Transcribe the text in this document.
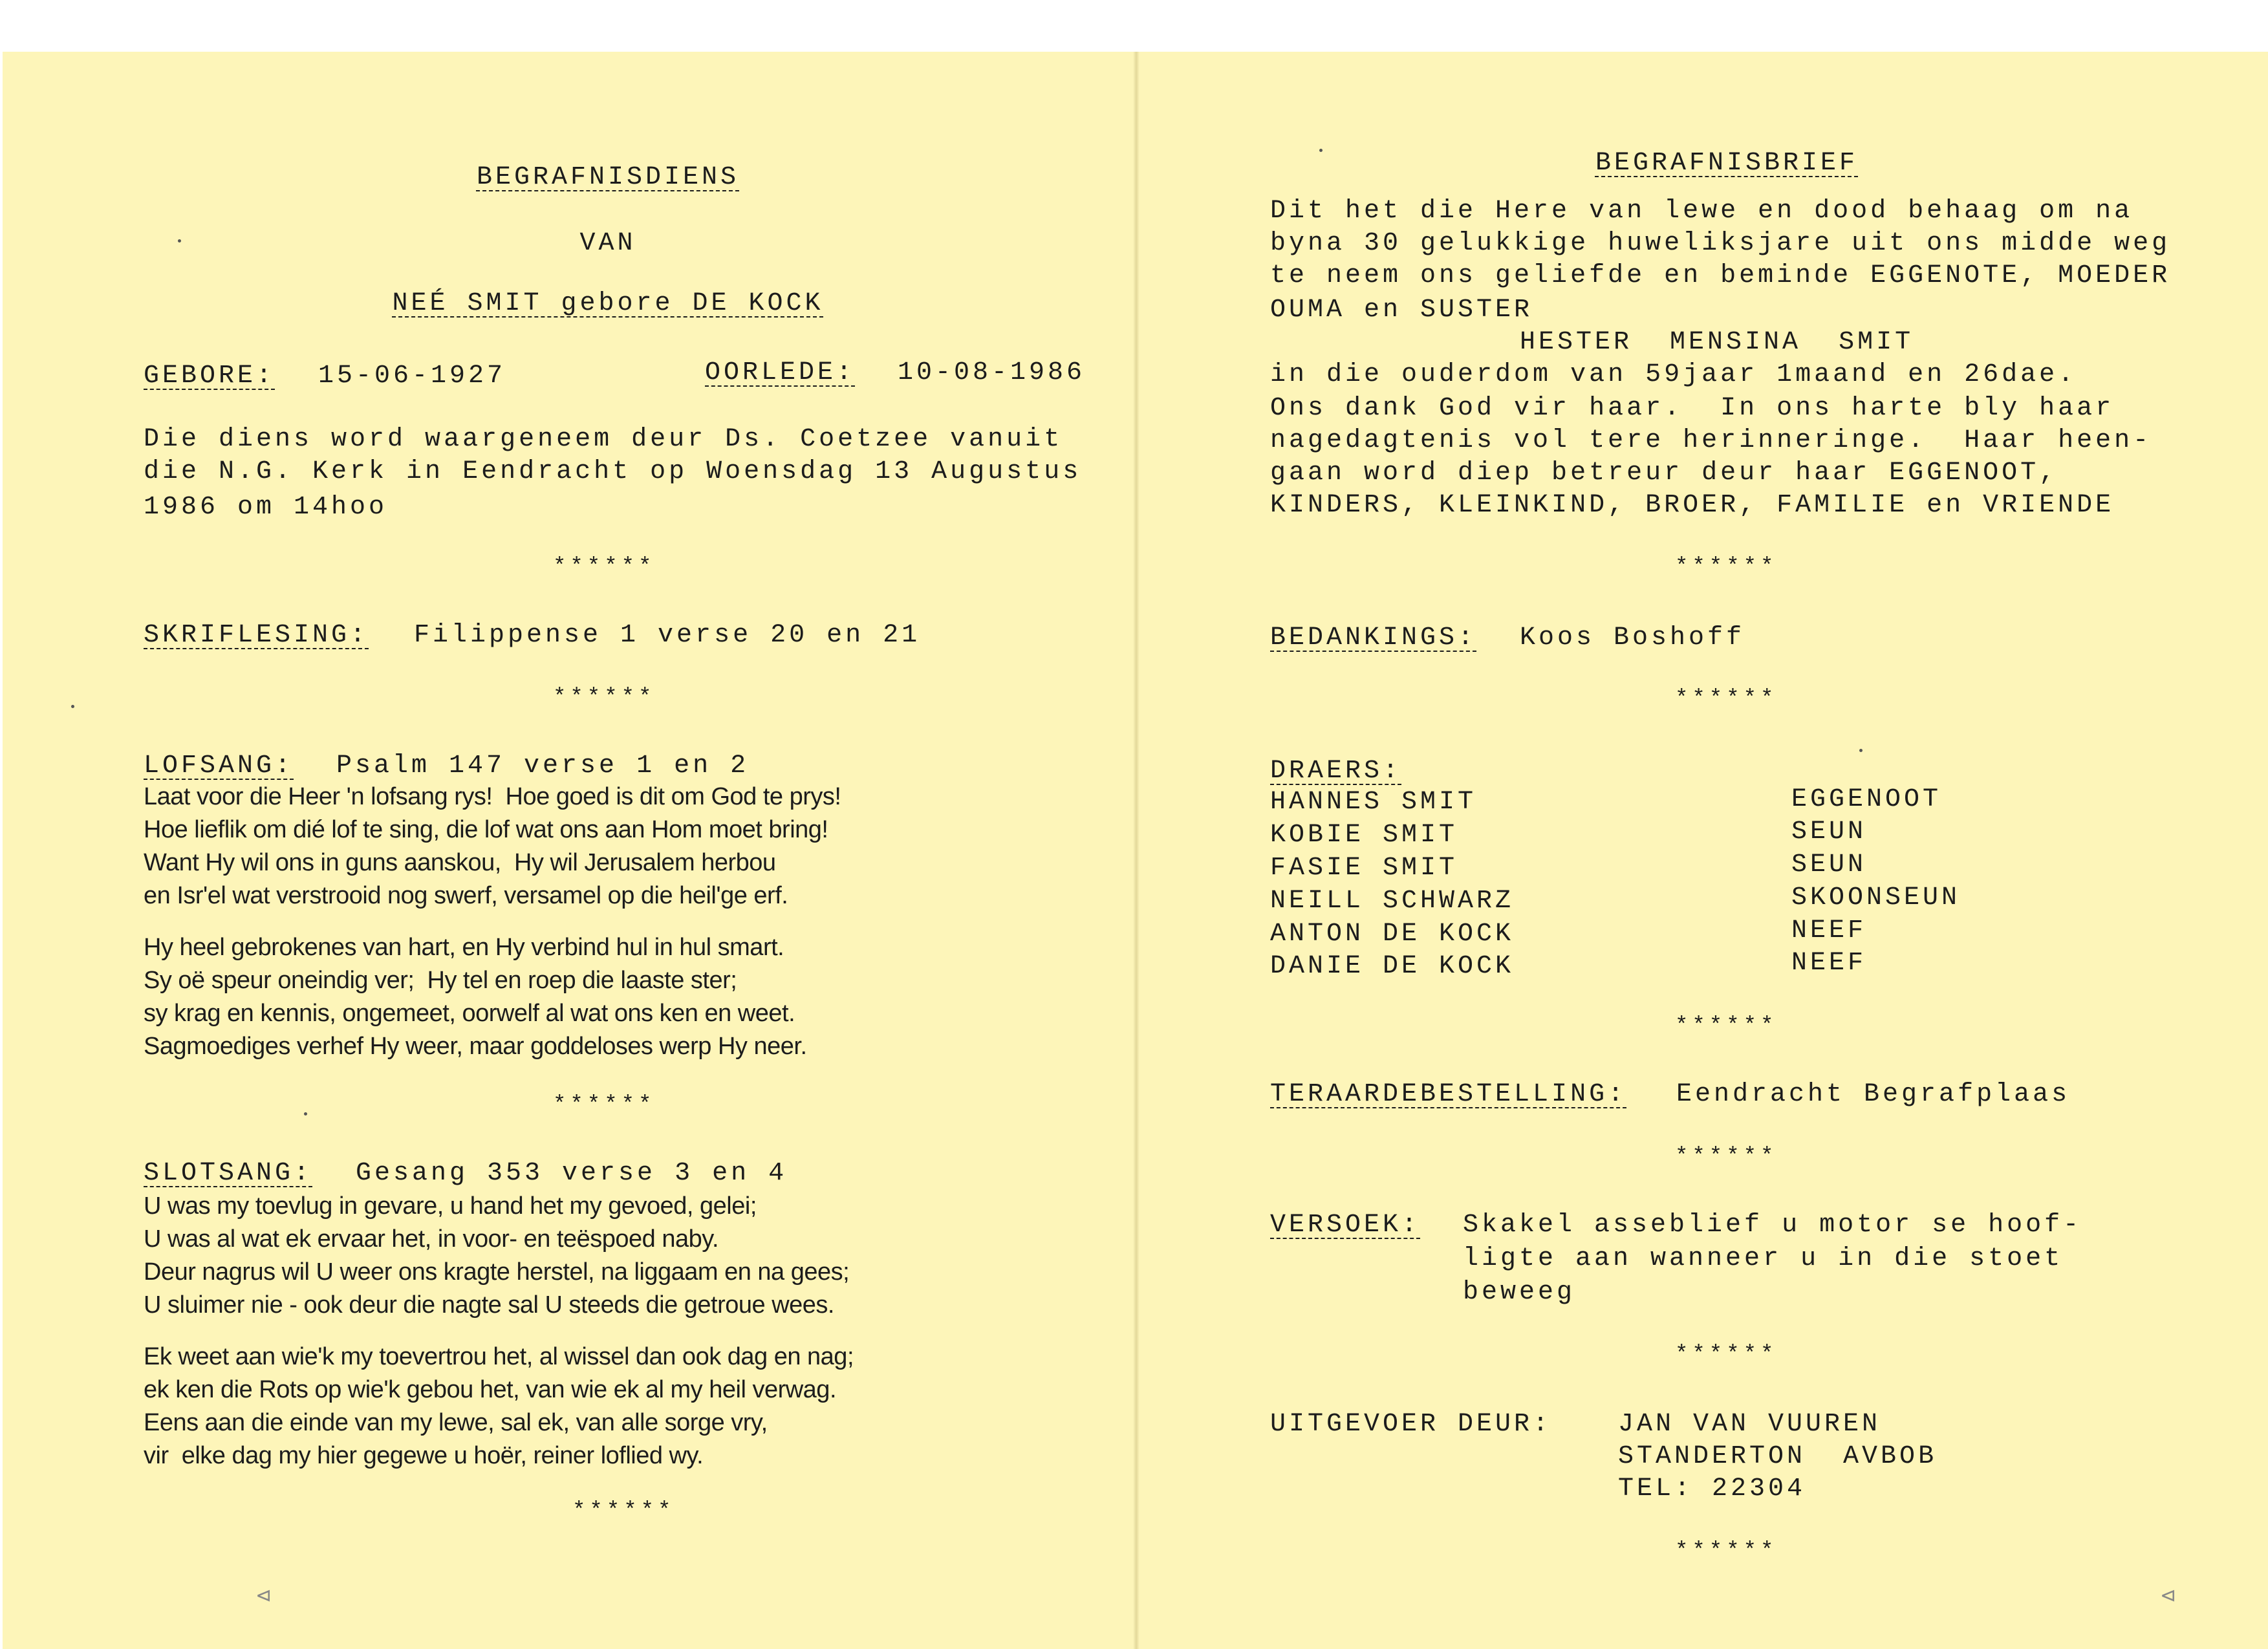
BEGRAFNISDIENS
VAN
NEÉ SMIT gebore DE KOCK
GEBORE: 15-06-1927	OORLEDE: 10-08-1986
Die diens word waargeneem deur Ds. Coetzee vanuit
die N.G. Kerk in Eendracht op Woensdag 13 Augustus
1986 om 14hoo
******
SKRIFLESING: Filippense 1 verse 20 en 21
******
LOFSANG: Psalm 147 verse 1 en 2
Laat voor die Heer 'n lofsang rys!  Hoe goed is dit om God te prys!
Hoe lieflik om dié lof te sing, die lof wat ons aan Hom moet bring!
Want Hy wil ons in guns aanskou,  Hy wil Jerusalem herbou
en Isr'el wat verstrooid nog swerf, versamel op die heil'ge erf.
Hy heel gebrokenes van hart, en Hy verbind hul in hul smart.
Sy oë speur oneindig ver;  Hy tel en roep die laaste ster;
sy krag en kennis, ongemeet, oorwelf al wat ons ken en weet.
Sagmoediges verhef Hy weer, maar goddeloses werp Hy neer.
******
SLOTSANG: Gesang 353 verse 3 en 4
U was my toevlug in gevare, u hand het my gevoed, gelei;
U was al wat ek ervaar het, in voor- en teëspoed naby.
Deur nagrus wil U weer ons kragte herstel, na liggaam en na gees;
U sluimer nie - ook deur die nagte sal U steeds die getroue wees.
Ek weet aan wie'k my toevertrou het, al wissel dan ook dag en nag;
ek ken die Rots op wie'k gebou het, van wie ek al my heil verwag.
Eens aan die einde van my lewe, sal ek, van alle sorge vry,
vir  elke dag my hier gegewe u hoër, reiner loflied wy.
******
BEGRAFNISBRIEF
Dit het die Here van lewe en dood behaag om na
byna 30 gelukkige huweliksjare uit ons midde weg
te neem ons geliefde en beminde EGGENOTE, MOEDER
OUMA en SUSTER
HESTER  MENSINA  SMIT
in die ouderdom van 59jaar 1maand en 26dae.
Ons dank God vir haar.  In ons harte bly haar
nagedagtenis vol tere herinneringe.  Haar heen-
gaan word diep betreur deur haar EGGENOOT,
KINDERS, KLEINKIND, BROER, FAMILIE en VRIENDE
******
BEDANKINGS: Koos Boshoff
******
DRAERS:
HANNES SMIT	EGGENOOT
KOBIE SMIT	SEUN
FASIE SMIT	SEUN
NEILL SCHWARZ	SKOONSEUN
ANTON DE KOCK	NEEF
DANIE DE KOCK	NEEF
******
TERAARDEBESTELLING: Eendracht Begrafplaas
******
VERSOEK: Skakel asseblief u motor se hoof-
ligte aan wanneer u in die stoet
beweeg
******
UITGEVOER DEUR:	JAN VAN VUUREN
STANDERTON  AVBOB
TEL: 22304
******
⊲	⊲
